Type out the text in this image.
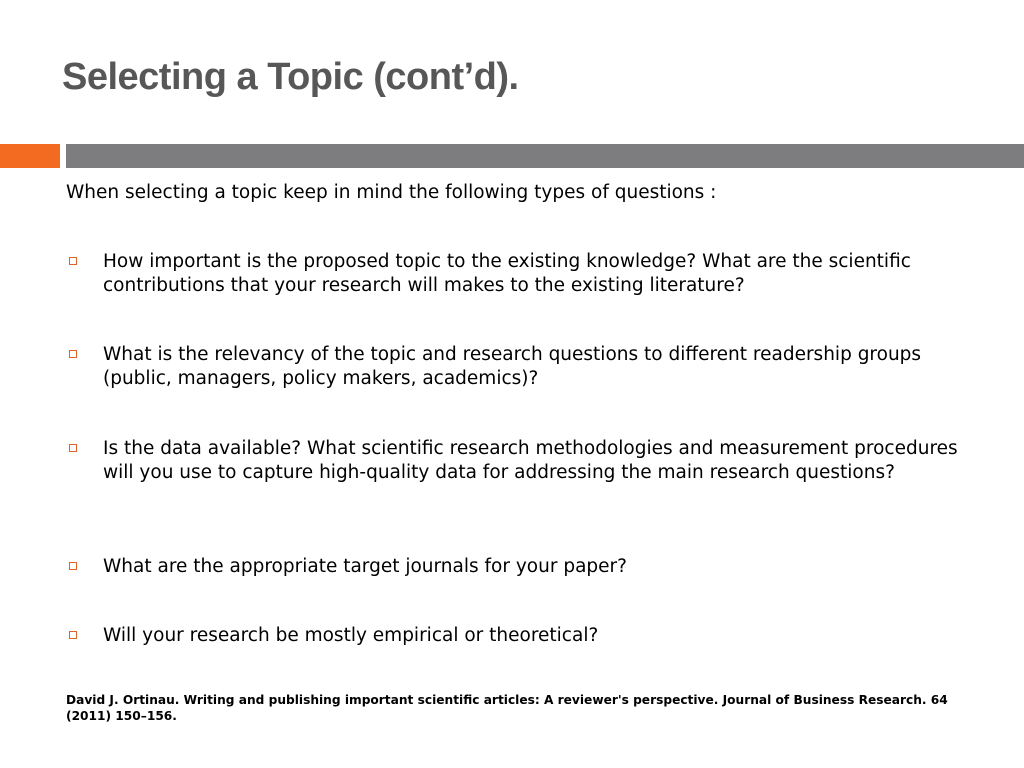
Selecting a Topic (cont’d).
When selecting a topic keep in mind the following types of questions :
How important is the proposed topic to the existing knowledge? What are the scientific contributions that your research will makes to the existing literature?
What is the relevancy of the topic and research questions to different readership groups (public, managers, policy makers, academics)?
Is the data available? What scientific research methodologies and measurement procedures will you use to capture high-quality data for addressing the main research questions?
What are the appropriate target journals for your paper?
Will your research be mostly empirical or theoretical?
David J. Ortinau. Writing and publishing important scientific articles: A reviewer's perspective. Journal of Business Research. 64 (2011) 150–156.
